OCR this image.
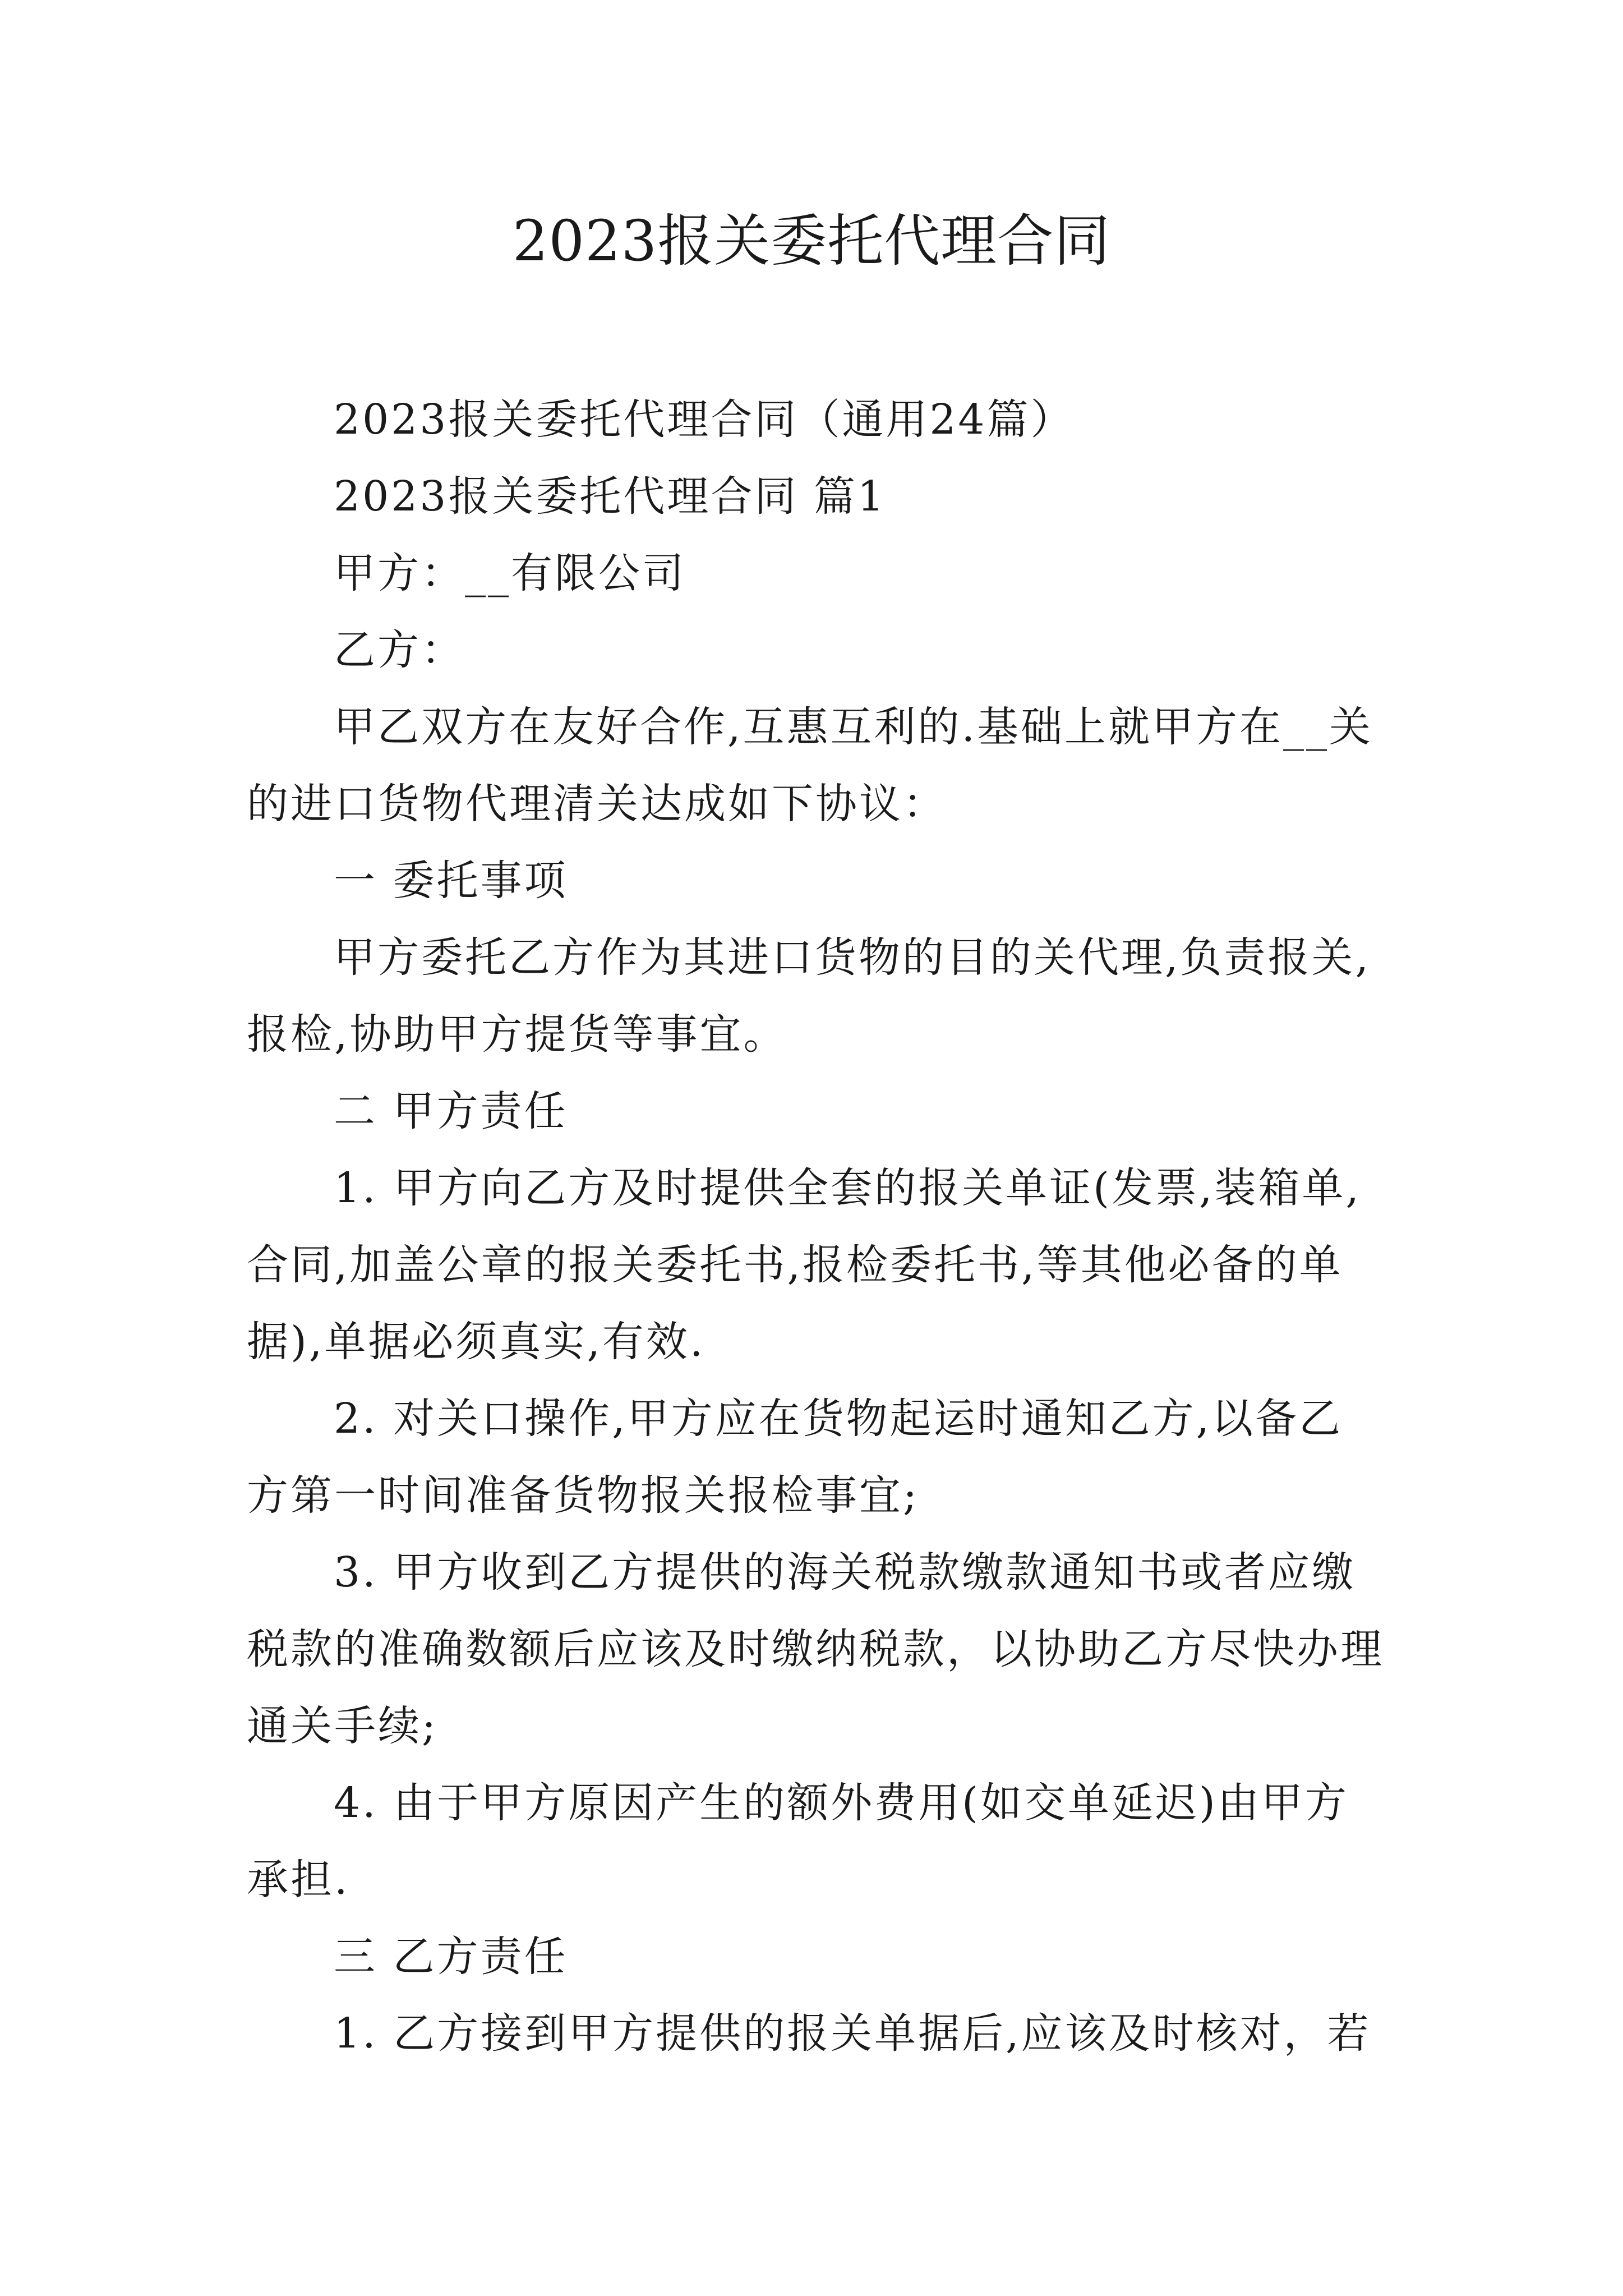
2023报关委托代理合同
2023报关委托代理合同（通用24篇）
2023报关委托代理合同 篇1
甲方：__有限公司
乙方：
甲乙双方在友好合作,互惠互利的.基础上就甲方在__关
的进口货物代理清关达成如下协议：
一 委托事项
甲方委托乙方作为其进口货物的目的关代理,负责报关,
报检,协助甲方提货等事宜。
二 甲方责任
1. 甲方向乙方及时提供全套的报关单证(发票,装箱单,
合同,加盖公章的报关委托书,报检委托书,等其他必备的单
据),单据必须真实,有效.
2. 对关口操作,甲方应在货物起运时通知乙方,以备乙
方第一时间准备货物报关报检事宜;
3. 甲方收到乙方提供的海关税款缴款通知书或者应缴
税款的准确数额后应该及时缴纳税款，以协助乙方尽快办理
通关手续;
4. 由于甲方原因产生的额外费用(如交单延迟)由甲方
承担.
三 乙方责任
1. 乙方接到甲方提供的报关单据后,应该及时核对，若
